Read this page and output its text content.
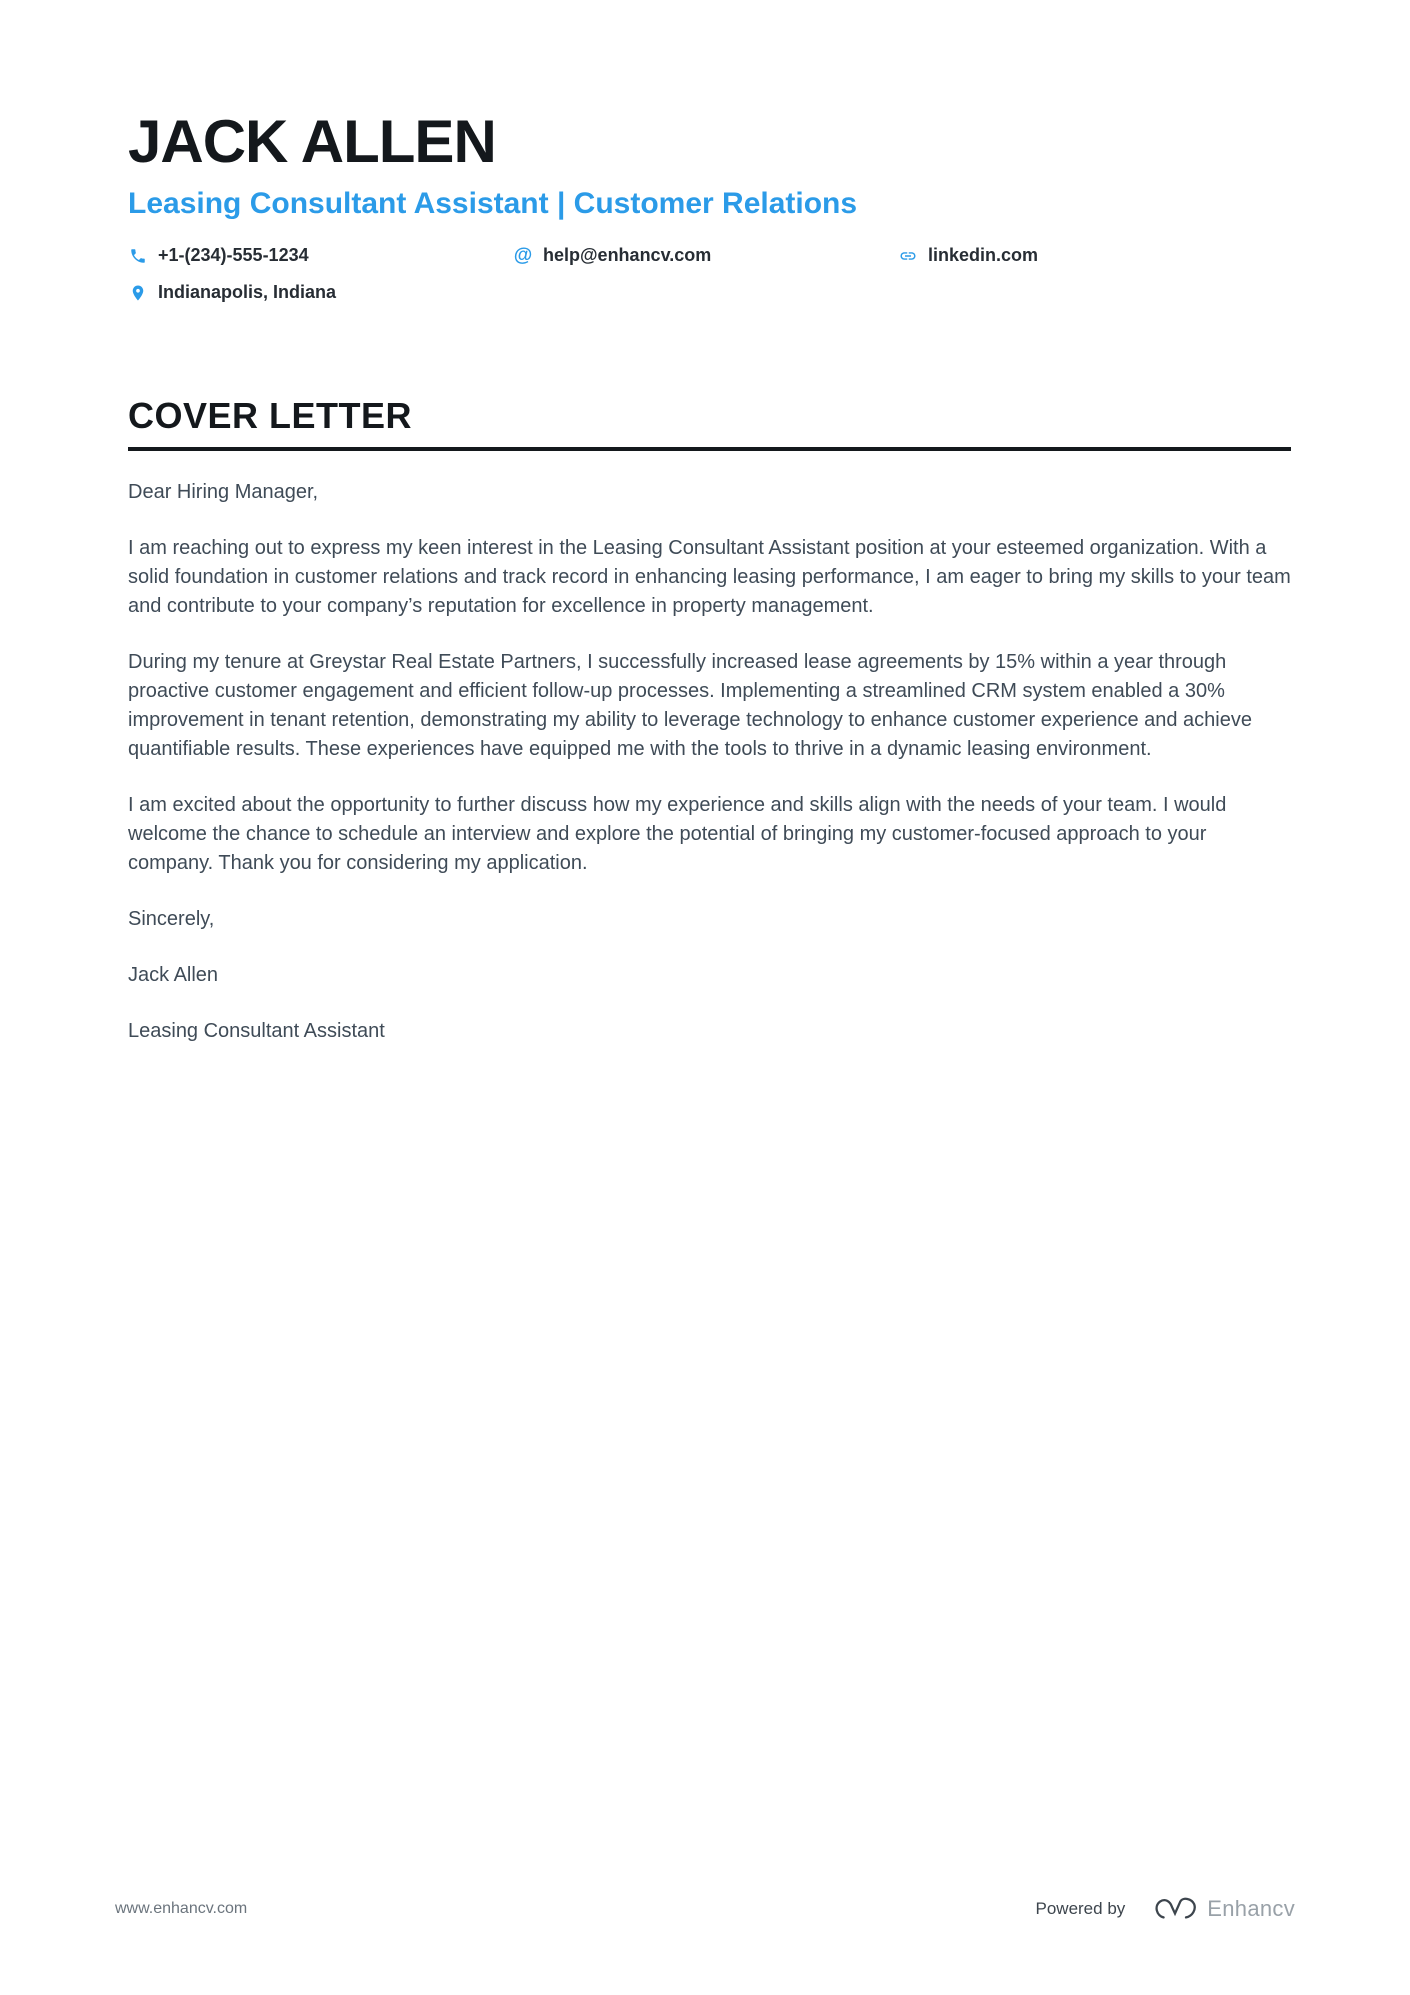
JACK ALLEN
Leasing Consultant Assistant | Customer Relations
+1-(234)-555-1234	@ help@enhancv.com	linkedin.com
Indianapolis, Indiana
COVER LETTER

Dear Hiring Manager,

I am reaching out to express my keen interest in the Leasing Consultant Assistant position at your esteemed organization. With a solid foundation in customer relations and track record in enhancing leasing performance, I am eager to bring my skills to your team and contribute to your company’s reputation for excellence in property management.

During my tenure at Greystar Real Estate Partners, I successfully increased lease agreements by 15% within a year through proactive customer engagement and efficient follow-up processes. Implementing a streamlined CRM system enabled a 30% improvement in tenant retention, demonstrating my ability to leverage technology to enhance customer experience and achieve quantifiable results. These experiences have equipped me with the tools to thrive in a dynamic leasing environment.

I am excited about the opportunity to further discuss how my experience and skills align with the needs of your team. I would welcome the chance to schedule an interview and explore the potential of bringing my customer-focused approach to your company. Thank you for considering my application.

Sincerely,

Jack Allen

Leasing Consultant Assistant

www.enhancv.com	Powered by	Enhancv
